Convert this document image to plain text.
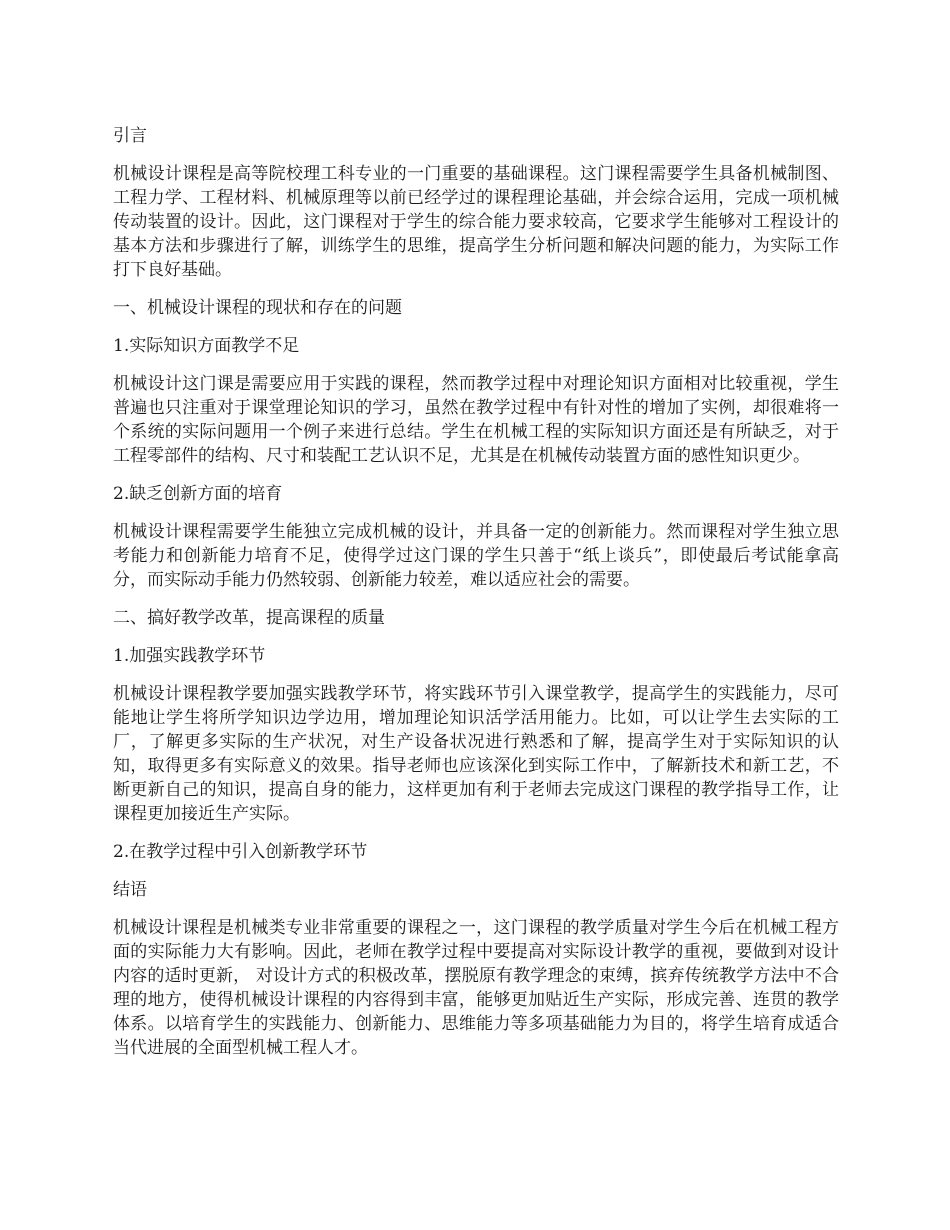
引言

机械设计课程是高等院校理工科专业的一门重要的基础课程。这门课程需要学生具备机械制图、工程力学、工程材料、机械原理等以前已经学过的课程理论基础，并会综合运用，完成一项机械传动装置的设计。因此，这门课程对于学生的综合能力要求较高，它要求学生能够对工程设计的基本方法和步骤进行了解，训练学生的思维，提高学生分析问题和解决问题的能力，为实际工作打下良好基础。

一、机械设计课程的现状和存在的问题

1.实际知识方面教学不足

机械设计这门课是需要应用于实践的课程，然而教学过程中对理论知识方面相对比较重视，学生普遍也只注重对于课堂理论知识的学习，虽然在教学过程中有针对性的增加了实例，却很难将一个系统的实际问题用一个例子来进行总结。学生在机械工程的实际知识方面还是有所缺乏，对于工程零部件的结构、尺寸和装配工艺认识不足，尤其是在机械传动装置方面的感性知识更少。

2.缺乏创新方面的培育

机械设计课程需要学生能独立完成机械的设计，并具备一定的创新能力。然而课程对学生独立思考能力和创新能力培育不足，使得学过这门课的学生只善于“纸上谈兵”，即使最后考试能拿高分，而实际动手能力仍然较弱、创新能力较差，难以适应社会的需要。

二、搞好教学改革，提高课程的质量

1.加强实践教学环节

机械设计课程教学要加强实践教学环节，将实践环节引入课堂教学，提高学生的实践能力，尽可能地让学生将所学知识边学边用，增加理论知识活学活用能力。比如，可以让学生去实际的工厂，了解更多实际的生产状况，对生产设备状况进行熟悉和了解，提高学生对于实际知识的认知，取得更多有实际意义的效果。指导老师也应该深化到实际工作中，了解新技术和新工艺，不断更新自己的知识，提高自身的能力，这样更加有利于老师去完成这门课程的教学指导工作，让课程更加接近生产实际。

2.在教学过程中引入创新教学环节

结语

机械设计课程是机械类专业非常重要的课程之一，这门课程的教学质量对学生今后在机械工程方面的实际能力大有影响。因此，老师在教学过程中要提高对实际设计教学的重视，要做到对设计内容的适时更新， 对设计方式的积极改革，摆脱原有教学理念的束缚，摈弃传统教学方法中不合理的地方，使得机械设计课程的内容得到丰富，能够更加贴近生产实际，形成完善、连贯的教学体系。以培育学生的实践能力、创新能力、思维能力等多项基础能力为目的，将学生培育成适合当代进展的全面型机械工程人才。
